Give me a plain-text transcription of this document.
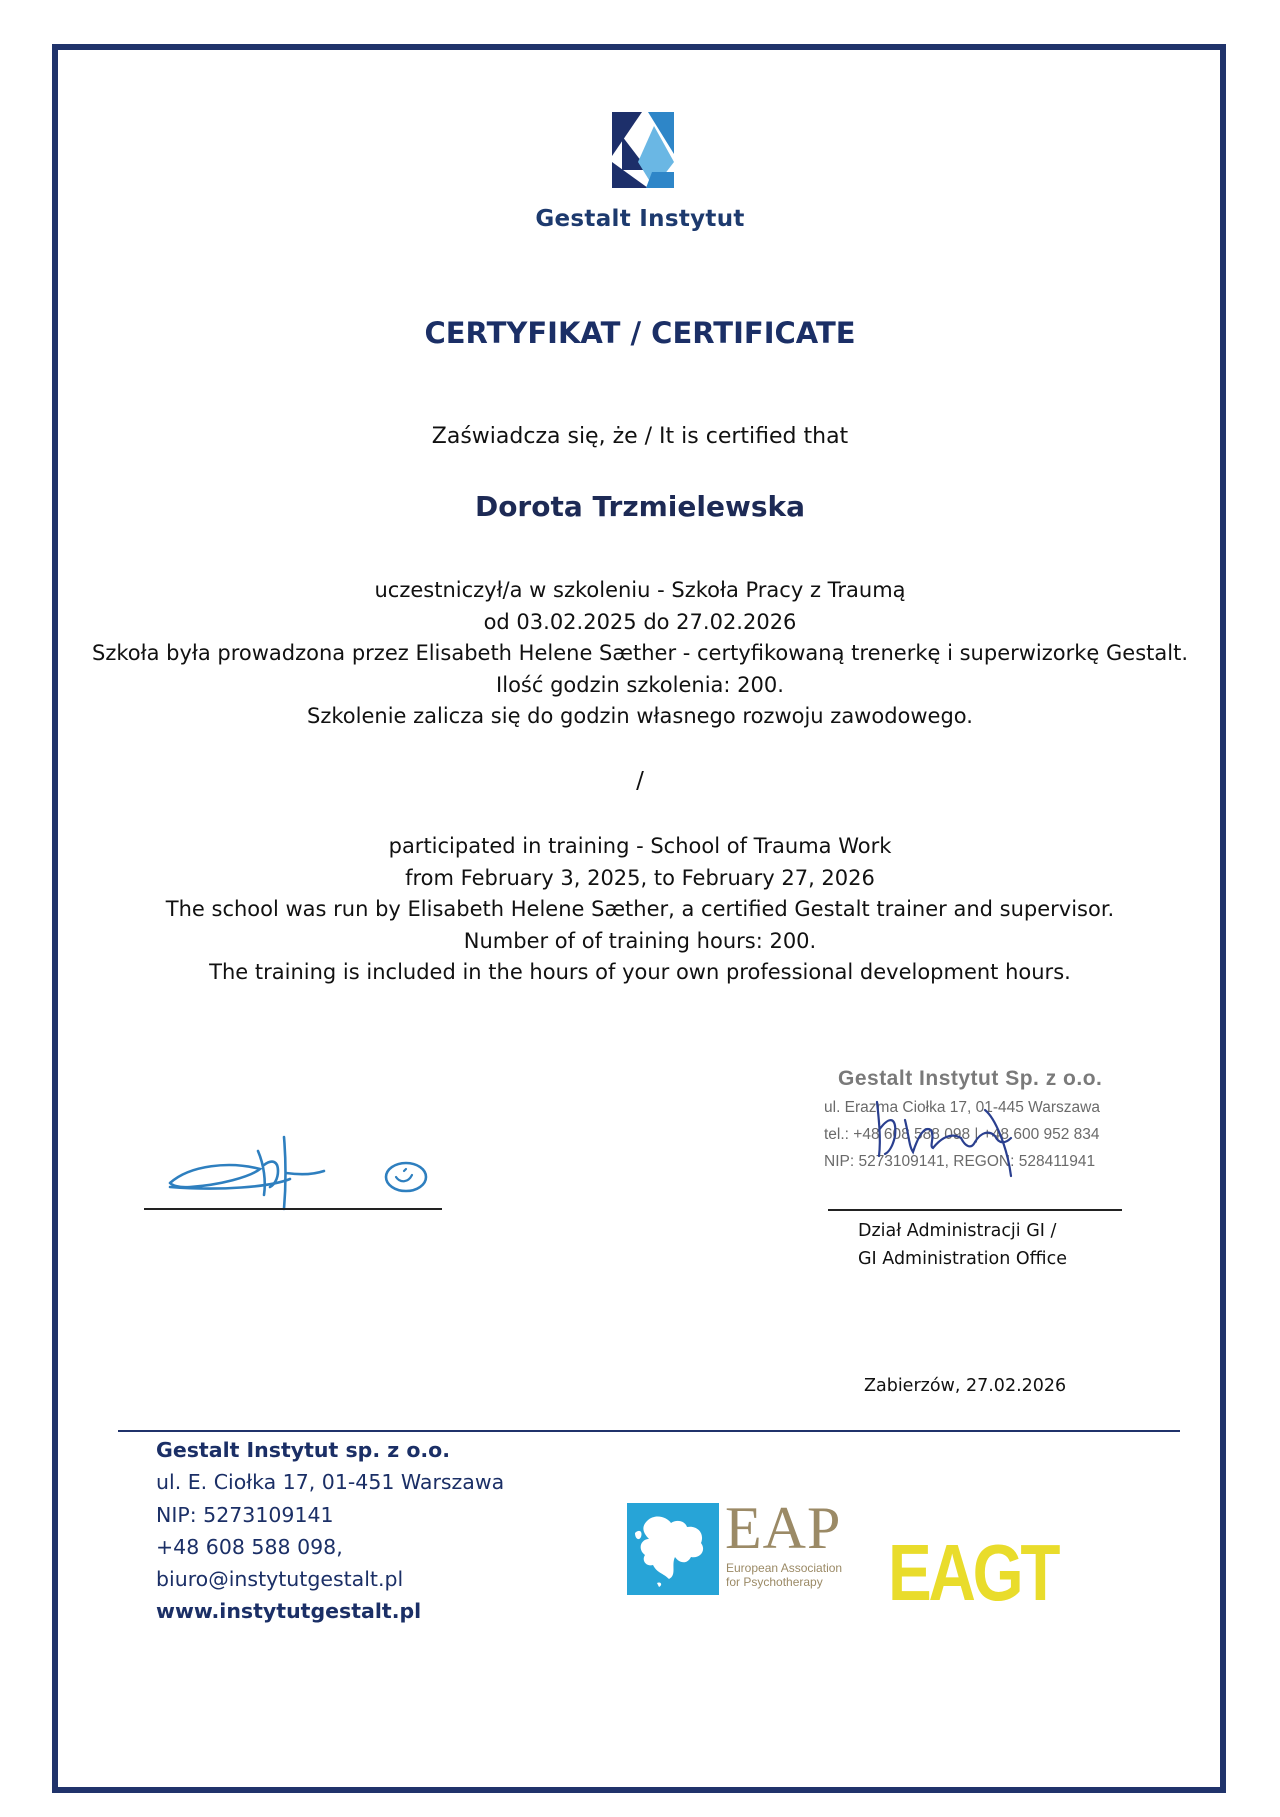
Gestalt Instytut
CERTYFIKAT / CERTIFICATE
Zaświadcza się, że / It is certified that
Dorota Trzmielewska
uczestniczył/a w szkoleniu - Szkoła Pracy z Traumą
od 03.02.2025 do 27.02.2026
Szkoła była prowadzona przez Elisabeth Helene Sæther - certyfikowaną trenerkę i superwizorkę Gestalt.
Ilość godzin szkolenia: 200.
Szkolenie zalicza się do godzin własnego rozwoju zawodowego.
/
participated in training - School of Trauma Work
from February 3, 2025, to February 27, 2026
The school was run by Elisabeth Helene Sæther, a certified Gestalt trainer and supervisor.
Number of of training hours: 200.
The training is included in the hours of your own professional development hours.
Gestalt Instytut Sp. z o.o.
ul. Erazma Ciołka 17, 01-445 Warszawa
tel.: +48 608 588 098 | +48 600 952 834
NIP: 5273109141, REGON: 528411941
Dział Administracji GI /
GI Administration Office
Zabierzów, 27.02.2026
Gestalt Instytut sp. z o.o.
ul. E. Ciołka 17, 01-451 Warszawa
NIP: 5273109141
+48 608 588 098,
biuro@instytutgestalt.pl
www.instytutgestalt.pl
EAP
European Association
for Psychotherapy EAGT
